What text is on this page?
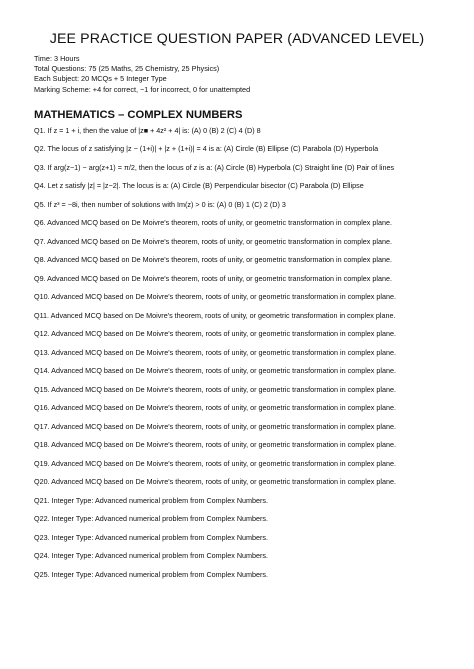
JEE PRACTICE QUESTION PAPER (ADVANCED LEVEL)
Time: 3 Hours
Total Questions: 75 (25 Maths, 25 Chemistry, 25 Physics)
Each Subject: 20 MCQs + 5 Integer Type
Marking Scheme: +4 for correct, −1 for incorrect, 0 for unattempted
MATHEMATICS – COMPLEX NUMBERS
Q1. If z = 1 + i, then the value of |z■ + 4z² + 4| is: (A) 0 (B) 2 (C) 4 (D) 8
Q2. The locus of z satisfying |z − (1+i)| + |z + (1+i)| = 4 is a: (A) Circle (B) Ellipse (C) Parabola (D) Hyperbola
Q3. If arg(z−1) − arg(z+1) = π/2, then the locus of z is a: (A) Circle (B) Hyperbola (C) Straight line (D) Pair of lines
Q4. Let z satisfy |z| = |z−2|. The locus is a: (A) Circle (B) Perpendicular bisector (C) Parabola (D) Ellipse
Q5. If z³ = −8i, then number of solutions with Im(z) > 0 is: (A) 0 (B) 1 (C) 2 (D) 3
Q6. Advanced MCQ based on De Moivre's theorem, roots of unity, or geometric transformation in complex plane.
Q7. Advanced MCQ based on De Moivre's theorem, roots of unity, or geometric transformation in complex plane.
Q8. Advanced MCQ based on De Moivre's theorem, roots of unity, or geometric transformation in complex plane.
Q9. Advanced MCQ based on De Moivre's theorem, roots of unity, or geometric transformation in complex plane.
Q10. Advanced MCQ based on De Moivre's theorem, roots of unity, or geometric transformation in complex plane.
Q11. Advanced MCQ based on De Moivre's theorem, roots of unity, or geometric transformation in complex plane.
Q12. Advanced MCQ based on De Moivre's theorem, roots of unity, or geometric transformation in complex plane.
Q13. Advanced MCQ based on De Moivre's theorem, roots of unity, or geometric transformation in complex plane.
Q14. Advanced MCQ based on De Moivre's theorem, roots of unity, or geometric transformation in complex plane.
Q15. Advanced MCQ based on De Moivre's theorem, roots of unity, or geometric transformation in complex plane.
Q16. Advanced MCQ based on De Moivre's theorem, roots of unity, or geometric transformation in complex plane.
Q17. Advanced MCQ based on De Moivre's theorem, roots of unity, or geometric transformation in complex plane.
Q18. Advanced MCQ based on De Moivre's theorem, roots of unity, or geometric transformation in complex plane.
Q19. Advanced MCQ based on De Moivre's theorem, roots of unity, or geometric transformation in complex plane.
Q20. Advanced MCQ based on De Moivre's theorem, roots of unity, or geometric transformation in complex plane.
Q21. Integer Type: Advanced numerical problem from Complex Numbers.
Q22. Integer Type: Advanced numerical problem from Complex Numbers.
Q23. Integer Type: Advanced numerical problem from Complex Numbers.
Q24. Integer Type: Advanced numerical problem from Complex Numbers.
Q25. Integer Type: Advanced numerical problem from Complex Numbers.
